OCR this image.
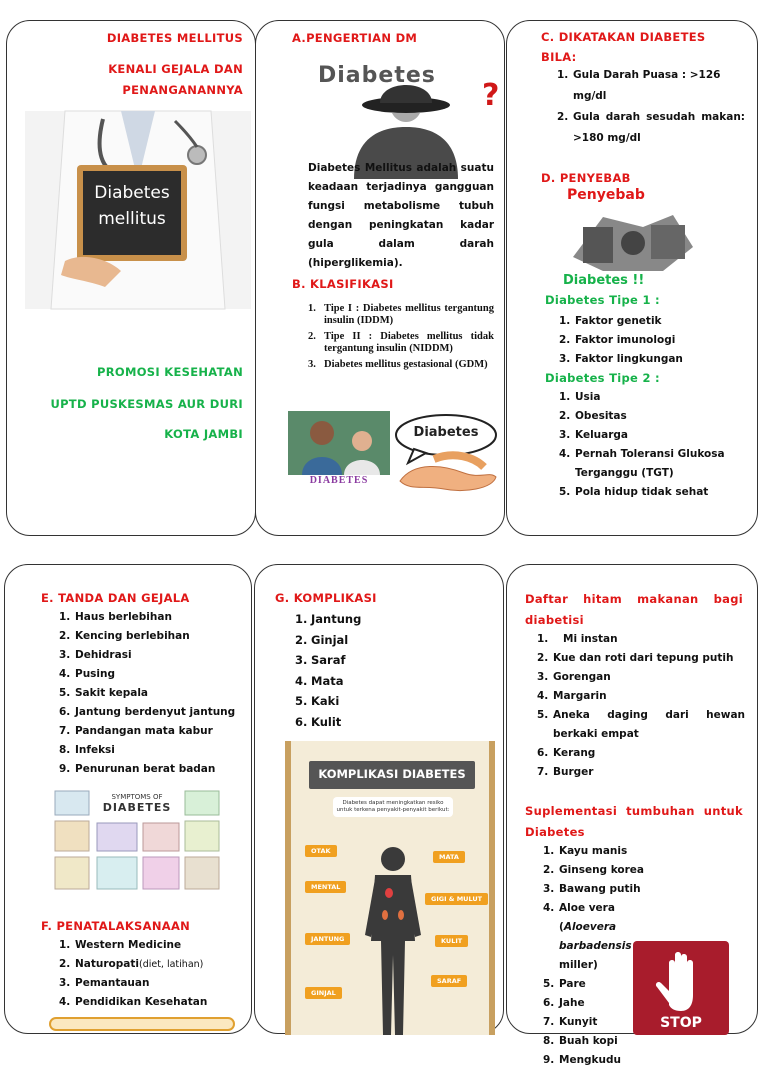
DIABETES MELLITUS
KENALI GEJALA DAN PENANGANANNYA
Diabetes
mellitus
PROMOSI KESEHATAN
UPTD PUSKESMAS AUR DURI
KOTA JAMBI
A.PENGERTIAN DM
?
Diabetes
Diabetes Mellitus adalah suatu keadaan terjadinya gangguan fungsi metabolisme tubuh dengan peningkatan kadar gula dalam darah (hiperglikemia).
B. KLASIFIKASI
1. Tipe I : Diabetes mellitus tergantung insulin (IDDM)
2. Tipe II : Diabetes mellitus tidak tergantung insulin (NIDDM)
3. Diabetes mellitus gestasional (GDM)
DIABETES
Diabetes
C. DIKATAKAN DIABETES BILA:
1. Gula Darah Puasa : >126 mg/dl
2. Gula darah sesudah makan: >180 mg/dl
D. PENYEBAB
Penyebab
Diabetes !!
Diabetes Tipe 1 :
1. Faktor genetik
2. Faktor imunologi
3. Faktor lingkungan
Diabetes Tipe 2 :
1. Usia
2. Obesitas
3. Keluarga
4. Pernah Toleransi Glukosa Terganggu (TGT)
5. Pola hidup tidak sehat
E. TANDA DAN GEJALA
1. Haus berlebihan
2. Kencing berlebihan
3. Dehidrasi
4. Pusing
5. Sakit kepala
6. Jantung berdenyut jantung
7. Pandangan mata kabur
8. Infeksi
9. Penurunan berat badan
SYMPTOMS OF
DIABETES
F. PENATALAKSANAAN
1. Western Medicine
2. Naturopati(diet, latihan)
3. Pemantauan
4. Pendidikan Kesehatan
G. KOMPLIKASI
1. Jantung
2. Ginjal
3. Saraf
4. Mata
5. Kaki
6. Kulit
KOMPLIKASI DIABETES
Diabetes dapat meningkatkan resiko untuk terkena penyakit-penyakit berikut:
OTAK
MATA
MENTAL
GIGI & MULUT
JANTUNG	KULIT
SARAF
GINJAL
Daftar hitam makanan bagi diabetisi
1. Mi instan
2. Kue dan roti dari tepung putih
3. Gorengan
4. Margarin
5. Aneka daging dari hewan berkaki empat
6. Kerang
7. Burger
Suplementasi tumbuhan untuk Diabetes
1. Kayu manis
2. Ginseng korea
3. Bawang putih
4. Aloe vera (Aloevera barbadensis miller)
5. Pare
6. Jahe
7. Kunyit
8. Buah kopi
9. Mengkudu
STOP
